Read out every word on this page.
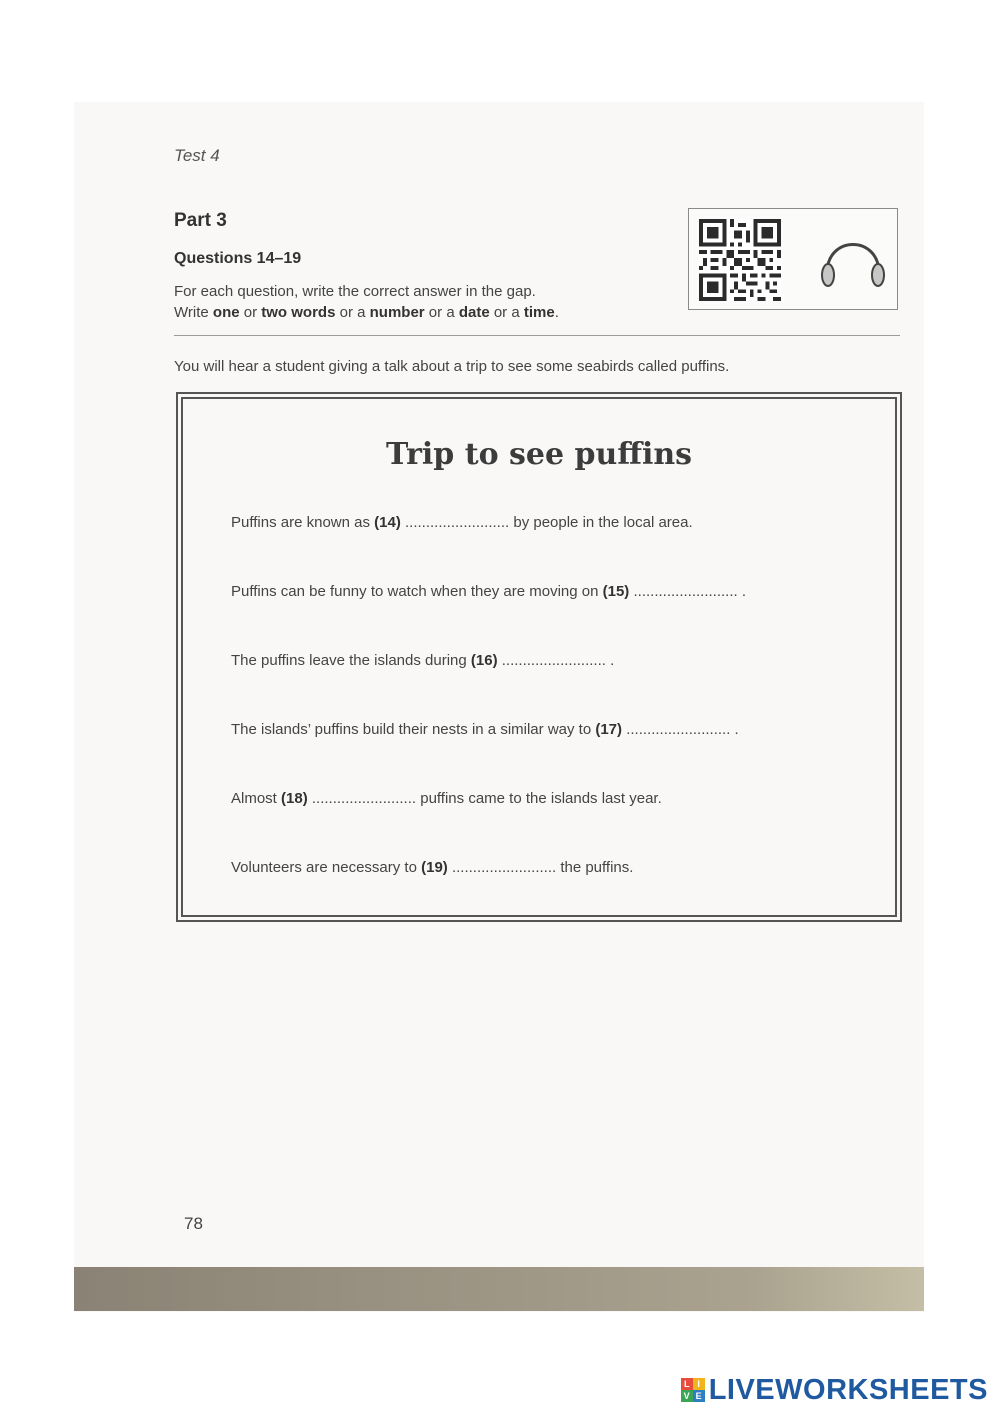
Test 4
Part 3
Questions 14–19
For each question, write the correct answer in the gap.
Write one or two words or a number or a date or a time.
You will hear a student giving a talk about a trip to see some seabirds called puffins.
Trip to see puffins
Puffins are known as (14) ......................... by people in the local area.
Puffins can be funny to watch when they are moving on (15) ......................... .
The puffins leave the islands during (16) ......................... .
The islands’ puffins build their nests in a similar way to (17) ......................... .
Almost (18) ......................... puffins came to the islands last year.
Volunteers are necessary to (19) ......................... the puffins.
78
L I
V E LIVEWORKSHEETS
